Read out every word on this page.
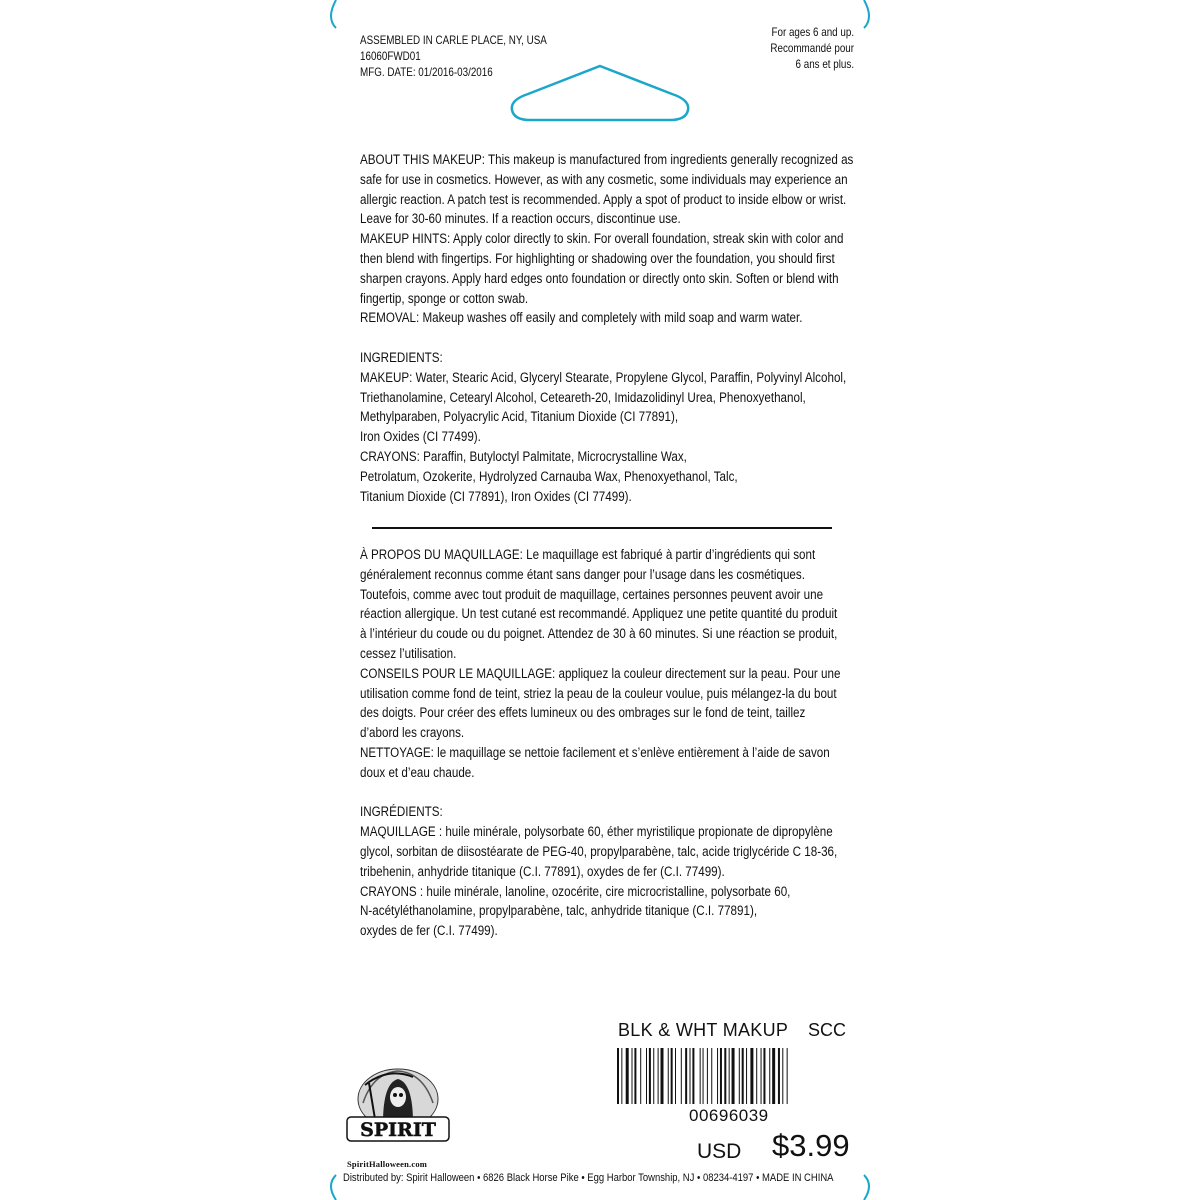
ASSEMBLED IN CARLE PLACE, NY, USA
16060FWD01
MFG. DATE: 01/2016-03/2016
For ages 6 and up.
Recommandé pour
6 ans et plus.

ABOUT THIS MAKEUP: This makeup is manufactured from ingredients generally recognized as

safe for use in cosmetics. However, as with any cosmetic, some individuals may experience an

allergic reaction. A patch test is recommended. Apply a spot of product to inside elbow or wrist.

Leave for 30-60 minutes. If a reaction occurs, discontinue use.

MAKEUP HINTS: Apply color directly to skin. For overall foundation, streak skin with color and

then blend with fingertips. For highlighting or shadowing over the foundation, you should first

sharpen crayons. Apply hard edges onto foundation or directly onto skin. Soften or blend with

fingertip, sponge or cotton swab.

REMOVAL: Makeup washes off easily and completely with mild soap and warm water.

INGREDIENTS:

MAKEUP: Water, Stearic Acid, Glyceryl Stearate, Propylene Glycol, Paraffin, Polyvinyl Alcohol,

Triethanolamine, Cetearyl Alcohol, Ceteareth-20, Imidazolidinyl Urea, Phenoxyethanol,

Methylparaben, Polyacrylic Acid, Titanium Dioxide (CI 77891),

Iron Oxides (CI 77499).

CRAYONS: Paraffin, Butyloctyl Palmitate, Microcrystalline Wax,

Petrolatum, Ozokerite, Hydrolyzed Carnauba Wax, Phenoxyethanol, Talc,

Titanium Dioxide (CI 77891), Iron Oxides (CI 77499).

À PROPOS DU MAQUILLAGE: Le maquillage est fabriqué à partir d’ingrédients qui sont

généralement reconnus comme étant sans danger pour l’usage dans les cosmétiques.

Toutefois, comme avec tout produit de maquillage, certaines personnes peuvent avoir une

réaction allergique. Un test cutané est recommandé. Appliquez une petite quantité du produit

à l’intérieur du coude ou du poignet. Attendez de 30 à 60 minutes. Si une réaction se produit,

cessez l’utilisation.

CONSEILS POUR LE MAQUILLAGE: appliquez la couleur directement sur la peau. Pour une

utilisation comme fond de teint, striez la peau de la couleur voulue, puis mélangez-la du bout

des doigts. Pour créer des effets lumineux ou des ombrages sur le fond de teint, taillez

d’abord les crayons.

NETTOYAGE: le maquillage se nettoie facilement et s’enlève entièrement à l’aide de savon

doux et d’eau chaude.

INGRÉDIENTS:

MAQUILLAGE : huile minérale, polysorbate 60, éther myristilique propionate de dipropylène

glycol, sorbitan de diisostéarate de PEG-40, propylparabène, talc, acide triglycéride C 18-36,

tribehenin, anhydride titanique (C.I. 77891), oxydes de fer (C.I. 77499).

CRAYONS : huile minérale, lanoline, ozocérite, cire microcristalline, polysorbate 60,

N-acétyléthanolamine, propylparabène, talc, anhydride titanique (C.I. 77891),

oxydes de fer (C.I. 77499).

BLK & WHT MAKUP SCC
00696039
USD $3.99
SPIRIT
SpiritHalloween.com
Distributed by: Spirit Halloween • 6826 Black Horse Pike • Egg Harbor Township, NJ • 08234-4197 • MADE IN CHINA
